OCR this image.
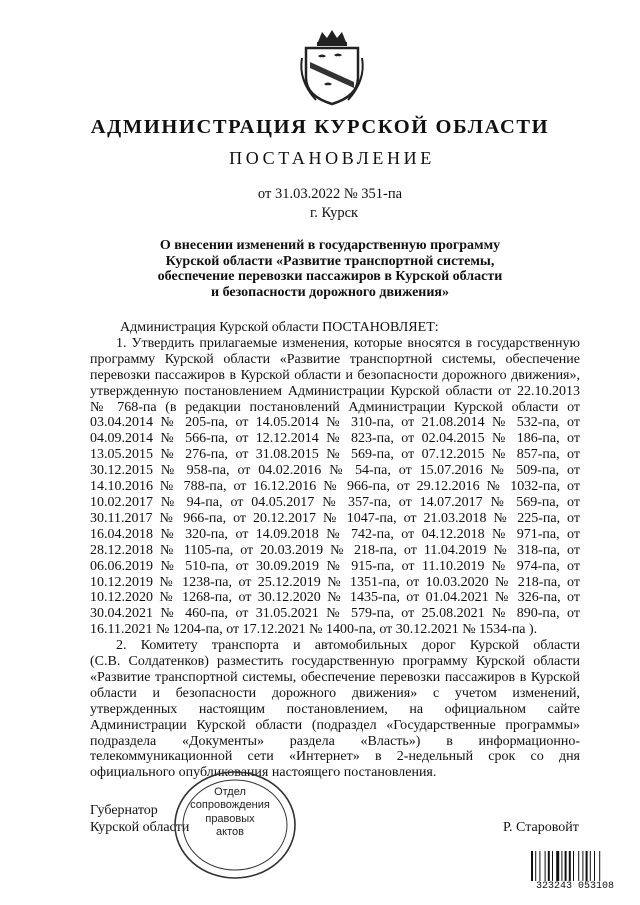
АДМИНИСТРАЦИЯ КУРСКОЙ ОБЛАСТИ
ПОСТАНОВЛЕНИЕ
от 31.03.2022 № 351-па
г. Курск
О внесении изменений в государственную программу
Курской области «Развитие транспортной системы,
обеспечение перевозки пассажиров в Курской области
и безопасности дорожного движения»
Администрация Курской области ПОСТАНОВЛЯЕТ:
1. Утвердить прилагаемые изменения, которые вносятся в государственную
программу Курской области «Развитие транспортной системы, обеспечение
перевозки пассажиров в Курской области и безопасности дорожного движения»,
утвержденную постановлением Администрации Курской области от 22.10.2013
№ 768-па (в редакции постановлений Администрации Курской области от
03.04.2014 № 205-па, от 14.05.2014 № 310-па, от 21.08.2014 № 532-па, от
04.09.2014 № 566-па, от 12.12.2014 № 823-па, от 02.04.2015 № 186-па, от
13.05.2015 № 276-па, от 31.08.2015 № 569-па, от 07.12.2015 № 857-па, от
30.12.2015 № 958-па, от 04.02.2016 № 54-па, от 15.07.2016 № 509-па, от
14.10.2016 № 788-па, от 16.12.2016 № 966-па, от 29.12.2016 № 1032-па, от
10.02.2017 № 94-па, от 04.05.2017 № 357-па, от 14.07.2017 № 569-па, от
30.11.2017 № 966-па, от 20.12.2017 № 1047-па, от 21.03.2018 № 225-па, от
16.04.2018 № 320-па, от 14.09.2018 № 742-па, от 04.12.2018 № 971-па, от
28.12.2018 № 1105-па, от 20.03.2019 № 218-па, от 11.04.2019 № 318-па, от
06.06.2019 № 510-па, от 30.09.2019 № 915-па, от 11.10.2019 № 974-па, от
10.12.2019 № 1238-па, от 25.12.2019 № 1351-па, от 10.03.2020 № 218-па, от
10.12.2020 № 1268-па, от 30.12.2020 № 1435-па, от 01.04.2021 № 326-па, от
30.04.2021 № 460-па, от 31.05.2021 № 579-па, от 25.08.2021 № 890-па, от
16.11.2021 № 1204-па, от 17.12.2021 № 1400-па, от 30.12.2021 № 1534-па ).
2. Комитету транспорта и автомобильных дорог Курской области
(С.В. Солдатенков) разместить государственную программу Курской области
«Развитие транспортной системы, обеспечение перевозки пассажиров в Курской
области и безопасности дорожного движения» с учетом изменений,
утвержденных настоящим постановлением, на официальном сайте
Администрации Курской области (подраздел «Государственные программы»
подраздела «Документы» раздела «Власть») в информационно-
телекоммуникационной сети «Интернет» в 2-недельный срок со дня
официального опубликования настоящего постановления.
Губернатор
Курской области	Р. Старовойт
Отдел
сопровождения
правовых
актов
323243 053108
